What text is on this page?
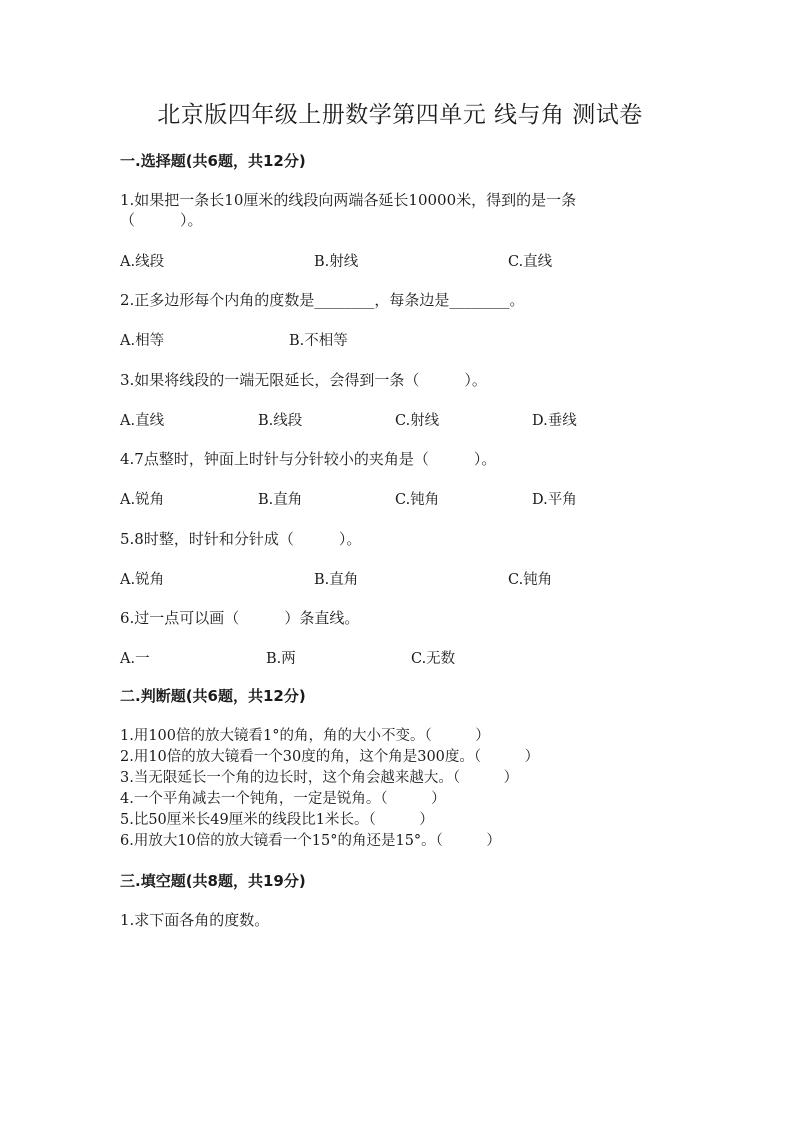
北京版四年级上册数学第四单元 线与角 测试卷
一.选择题(共6题，共12分)
1.如果把一条长10厘米的线段向两端各延长10000米，得到的是一条
（　　　）。
A.线段	B.射线	C.直线
2.正多边形每个内角的度数是________，每条边是________。
A.相等	B.不相等
3.如果将线段的一端无限延长，会得到一条（　　　）。
A.直线	B.线段	C.射线	D.垂线
4.7点整时，钟面上时针与分针较小的夹角是（　　　）。
A.锐角	B.直角	C.钝角	D.平角
5.8时整，时针和分针成（　　　）。
A.锐角	B.直角	C.钝角
6.过一点可以画（　　　）条直线。
A.一	B.两	C.无数
二.判断题(共6题，共12分)
1.用100倍的放大镜看1°的角，角的大小不变。（　　　）
2.用10倍的放大镜看一个30度的角，这个角是300度。（　　　）
3.当无限延长一个角的边长时，这个角会越来越大。（　　　）
4.一个平角减去一个钝角，一定是锐角。（　　　）
5.比50厘米长49厘米的线段比1米长。（　　　）
6.用放大10倍的放大镜看一个15°的角还是15°。（　　　）
三.填空题(共8题，共19分)
1.求下面各角的度数。
